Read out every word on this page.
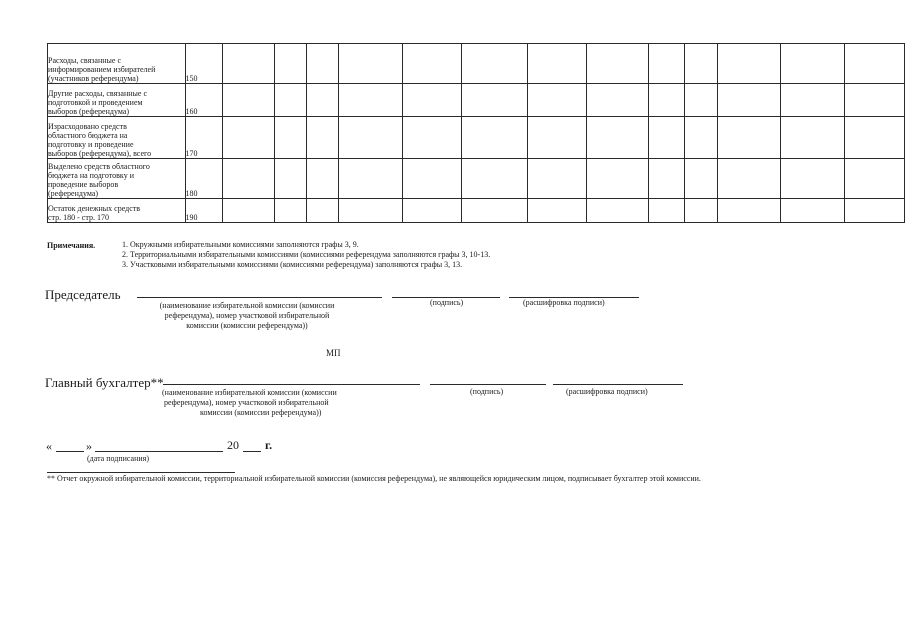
Расходы, связанные с
информированием избирателей
(участников референдума)	150													

Другие расходы, связанные с
подготовкой и проведением
выборов (референдума)	160													

Израсходовано средств
областного бюджета на
подготовку и проведение
выборов (референдума), всего	170													

Выделено средств областного
бюджета на подготовку и
проведение выборов
(референдума)	180													

Остаток денежных средств
стр. 180 - стр. 170	190													
Примечания.	1. Окружными избирательными комиссиями заполняются графы 3, 9.
2. Территориальными избирательными комиссиями (комиссиями референдума заполняются графы 3, 10-13.
3. Участковыми избирательными комиссиями (комиссиями референдума) заполняются графы 3, 13.
Председатель
(наименование избирательной комиссии (комиссии
референдума), номер участковой избирательной
комиссии (комиссии референдума))
(подпись)	(расшифровка подписи)
МП
Главный бухгалтер**
(наименование избирательной комиссии (комиссии
референдума), номер участковой избирательной
комиссии (комиссии референдума))
(подпись)	(расшифровка подписи)
«	»	20 г.
(дата подписания)
** Отчет окружной избирательной комиссии, территориальной избирательной комиссии (комиссия референдума), не являющейся юридическим лицом, подписывает бухгалтер этой комиссии.
